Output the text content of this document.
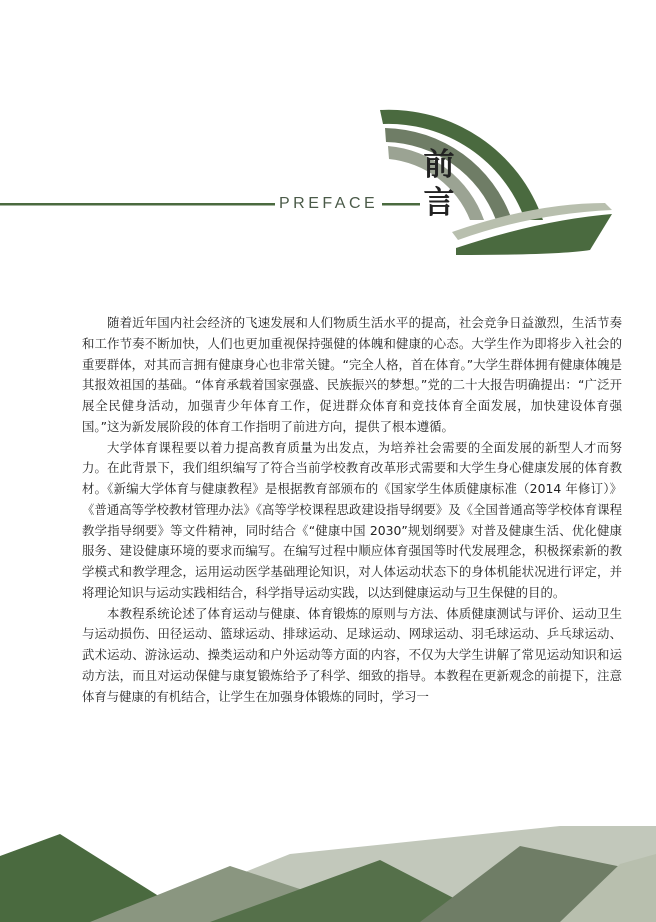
前
言
PREFACE

随着近年国内社会经济的飞速发展和人们物质生活水平的提高，社会竞争日益激烈，生活节奏和工作节奏不断加快，人们也更加重视保持强健的体魄和健康的心态。大学生作为即将步入社会的重要群体，对其而言拥有健康身心也非常关键。“完全人格，首在体育。”大学生群体拥有健康体魄是其报效祖国的基础。“体育承载着国家强盛、民族振兴的梦想。”党的二十大报告明确提出：“广泛开展全民健身活动，加强青少年体育工作，促进群众体育和竞技体育全面发展，加快建设体育强国。”这为新发展阶段的体育工作指明了前进方向，提供了根本遵循。

大学体育课程要以着力提高教育质量为出发点，为培养社会需要的全面发展的新型人才而努力。在此背景下，我们组织编写了符合当前学校教育改革形式需要和大学生身心健康发展的体育教材。《新编大学体育与健康教程》是根据教育部颁布的《国家学生体质健康标准（2014 年修订）》《普通高等学校教材管理办法》《高等学校课程思政建设指导纲要》及《全国普通高等学校体育课程教学指导纲要》等文件精神，同时结合《“健康中国 2030”规划纲要》对普及健康生活、优化健康服务、建设健康环境的要求而编写。在编写过程中顺应体育强国等时代发展理念，积极探索新的教学模式和教学理念，运用运动医学基础理论知识，对人体运动状态下的身体机能状况进行评定，并将理论知识与运动实践相结合，科学指导运动实践，以达到健康运动与卫生保健的目的。

本教程系统论述了体育运动与健康、体育锻炼的原则与方法、体质健康测试与评价、运动卫生与运动损伤、田径运动、篮球运动、排球运动、足球运动、网球运动、羽毛球运动、乒乓球运动、武术运动、游泳运动、操类运动和户外运动等方面的内容，不仅为大学生讲解了常见运动知识和运动方法，而且对运动保健与康复锻炼给予了科学、细致的指导。本教程在更新观念的前提下，注意体育与健康的有机结合，让学生在加强身体锻炼的同时，学习一
